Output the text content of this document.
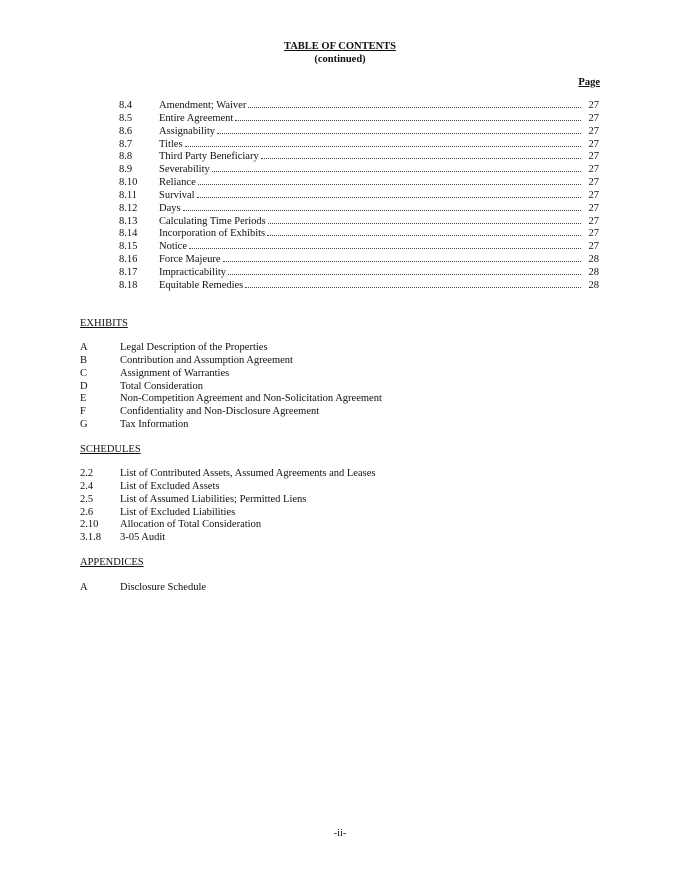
TABLE OF CONTENTS
(continued)
Page
8.4	Amendment; Waiver	27
8.5	Entire Agreement	27
8.6	Assignability	27
8.7	Titles	27
8.8	Third Party Beneficiary	27
8.9	Severability	27
8.10	Reliance	27
8.11	Survival	27
8.12	Days	27
8.13	Calculating Time Periods	27
8.14	Incorporation of Exhibits	27
8.15	Notice	27
8.16	Force Majeure	28
8.17	Impracticability	28
8.18	Equitable Remedies	28
EXHIBITS
A	Legal Description of the Properties
B	Contribution and Assumption Agreement
C	Assignment of Warranties
D	Total Consideration
E	Non-Competition Agreement and Non-Solicitation Agreement
F	Confidentiality and Non-Disclosure Agreement
G	Tax Information
SCHEDULES
2.2	List of Contributed Assets, Assumed Agreements and Leases
2.4	List of Excluded Assets
2.5	List of Assumed Liabilities; Permitted Liens
2.6	List of Excluded Liabilities
2.10	Allocation of Total Consideration
3.1.8	3-05 Audit
APPENDICES
A	Disclosure Schedule
-ii-
